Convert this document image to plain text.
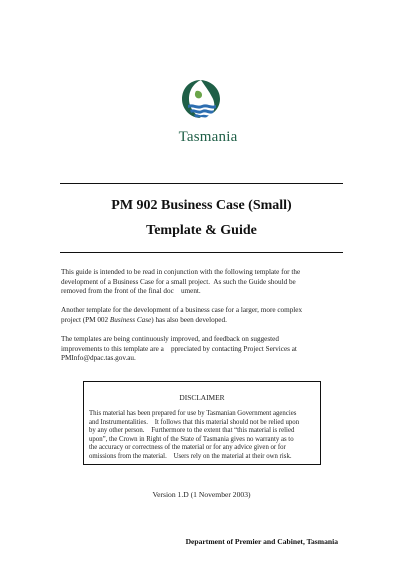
Tasmania
PM 902 Business Case (Small)
Template & Guide
This guide is intended to be read in conjunction with the following template for the
development of a Business Case for a small project.  As such the Guide should be
removed from the front of the final doc    ument.
Another template for the development of a business case for a larger, more complex
project (PM 002 Business Case) has also been developed.
The templates are being continuously improved, and feedback on suggested
improvements to this template are a    ppreciated by contacting Project Services at
PMInfo@dpac.tas.gov.au.
DISCLAIMER
This material has been prepared for use by Tasmanian Government agencies
and Instrumentalities.    It follows that this material should not be relied upon
by any other person.    Furthermore to the extent that “this material is relied
upon”, the Crown in Right of the State of Tasmania gives no warranty as to
the accuracy or correctness of the material or for any advice given or for
omissions from the material.    Users rely on the material at their own risk.
Version 1.D (1 November 2003)
Department of Premier and Cabinet, Tasmania
